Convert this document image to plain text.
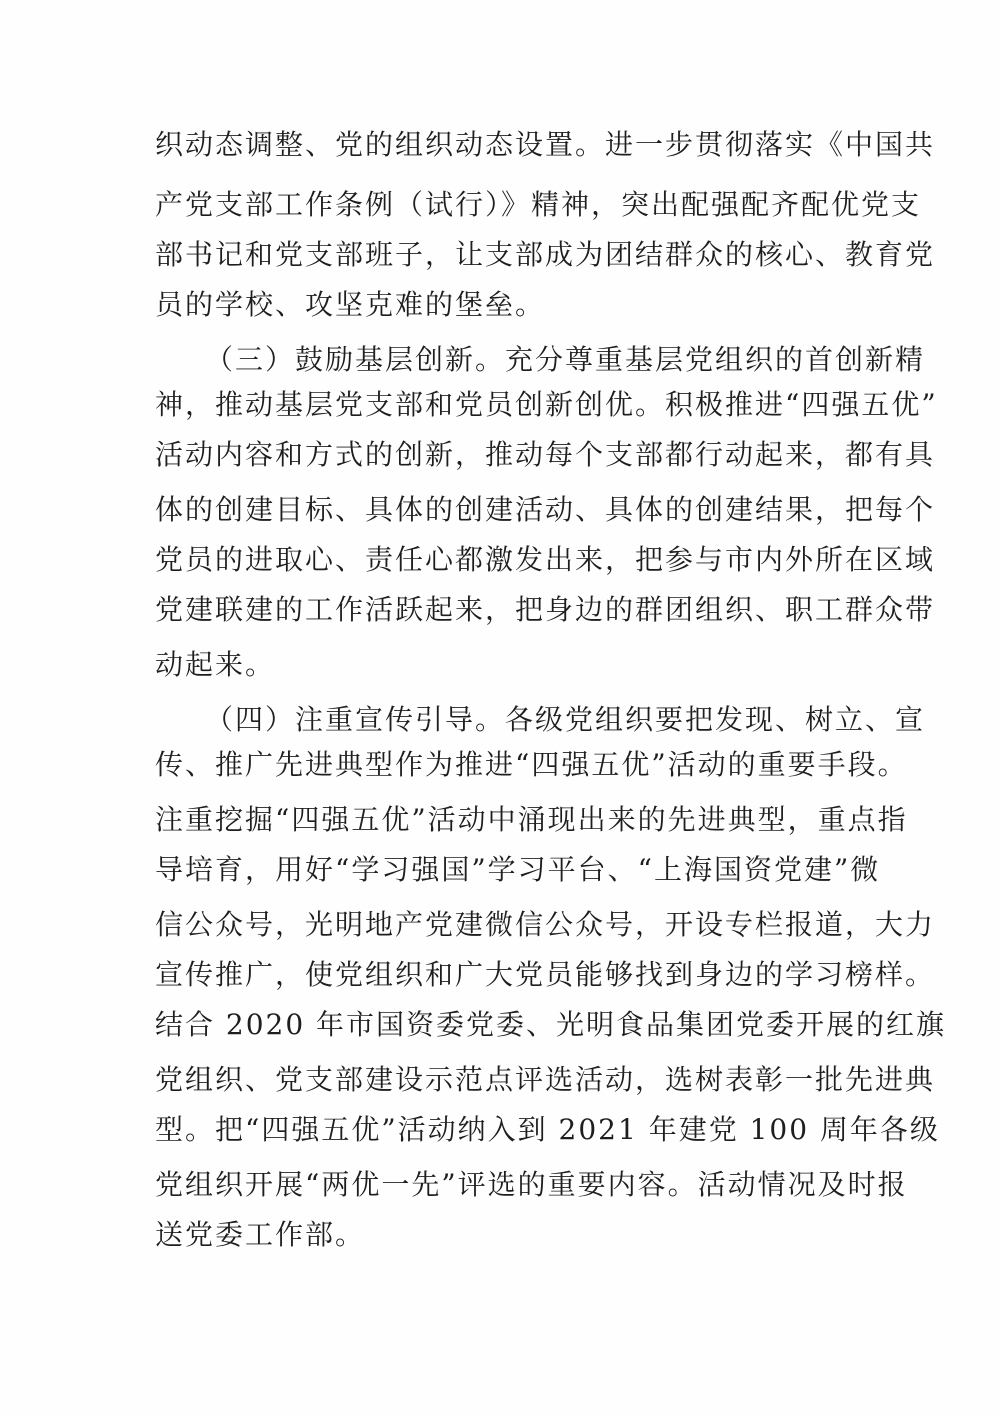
织动态调整、党的组织动态设置。进一步贯彻落实《中国共
产党支部工作条例（试行）》精神，突出配强配齐配优党支
部书记和党支部班子，让支部成为团结群众的核心、教育党
员的学校、攻坚克难的堡垒。
（三）鼓励基层创新。充分尊重基层党组织的首创新精
神，推动基层党支部和党员创新创优。积极推进“四强五优”
活动内容和方式的创新，推动每个支部都行动起来，都有具
体的创建目标、具体的创建活动、具体的创建结果，把每个
党员的进取心、责任心都激发出来，把参与市内外所在区域
党建联建的工作活跃起来，把身边的群团组织、职工群众带
动起来。
（四）注重宣传引导。各级党组织要把发现、树立、宣
传、推广先进典型作为推进“四强五优”活动的重要手段。
注重挖掘“四强五优”活动中涌现出来的先进典型，重点指
导培育，用好“学习强国”学习平台、“上海国资党建”微
信公众号，光明地产党建微信公众号，开设专栏报道，大力
宣传推广，使党组织和广大党员能够找到身边的学习榜样。
结合 2020 年市国资委党委、光明食品集团党委开展的红旗
党组织、党支部建设示范点评选活动，选树表彰一批先进典
型。把“四强五优”活动纳入到 2021 年建党 100 周年各级
党组织开展“两优一先”评选的重要内容。活动情况及时报
送党委工作部。
